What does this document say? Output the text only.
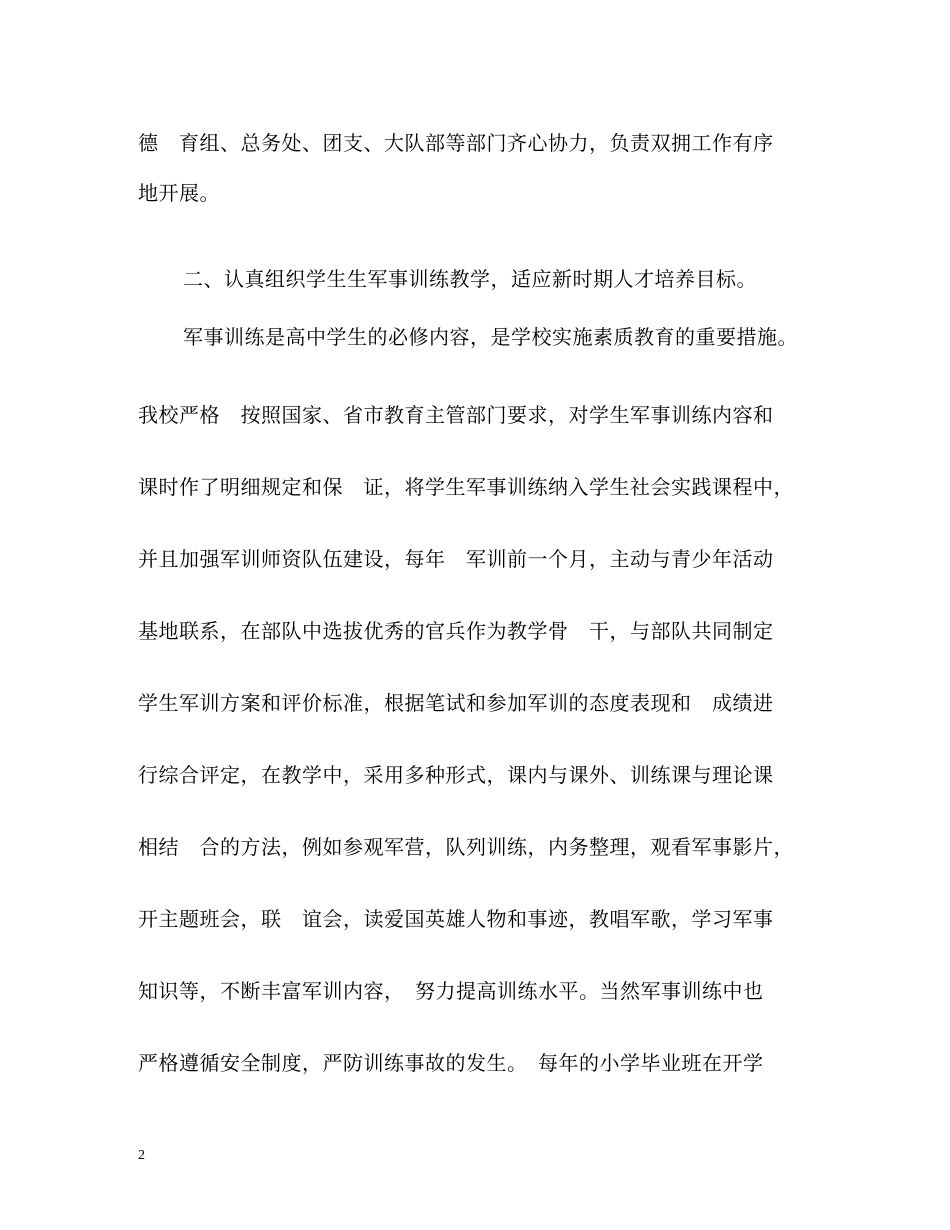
德　育组、总务处、团支、大队部等部门齐心协力，负责双拥工作有序
地开展。
二、认真组织学生生军事训练教学，适应新时期人才培养目标。
军事训练是高中学生的必修内容，是学校实施素质教育的重要措施。
我校严格　按照国家、省市教育主管部门要求，对学生军事训练内容和
课时作了明细规定和保　证，将学生军事训练纳入学生社会实践课程中，
并且加强军训师资队伍建设，每年　军训前一个月，主动与青少年活动
基地联系，在部队中选拔优秀的官兵作为教学骨　干，与部队共同制定
学生军训方案和评价标准，根据笔试和参加军训的态度表现和　成绩进
行综合评定，在教学中，采用多种形式，课内与课外、训练课与理论课
相结　合的方法，例如参观军营，队列训练，内务整理，观看军事影片，
开主题班会，联　谊会，读爱国英雄人物和事迹，教唱军歌，学习军事
知识等，不断丰富军训内容，　努力提高训练水平。当然军事训练中也
严格遵循安全制度，严防训练事故的发生。　每年的小学毕业班在开学
2
